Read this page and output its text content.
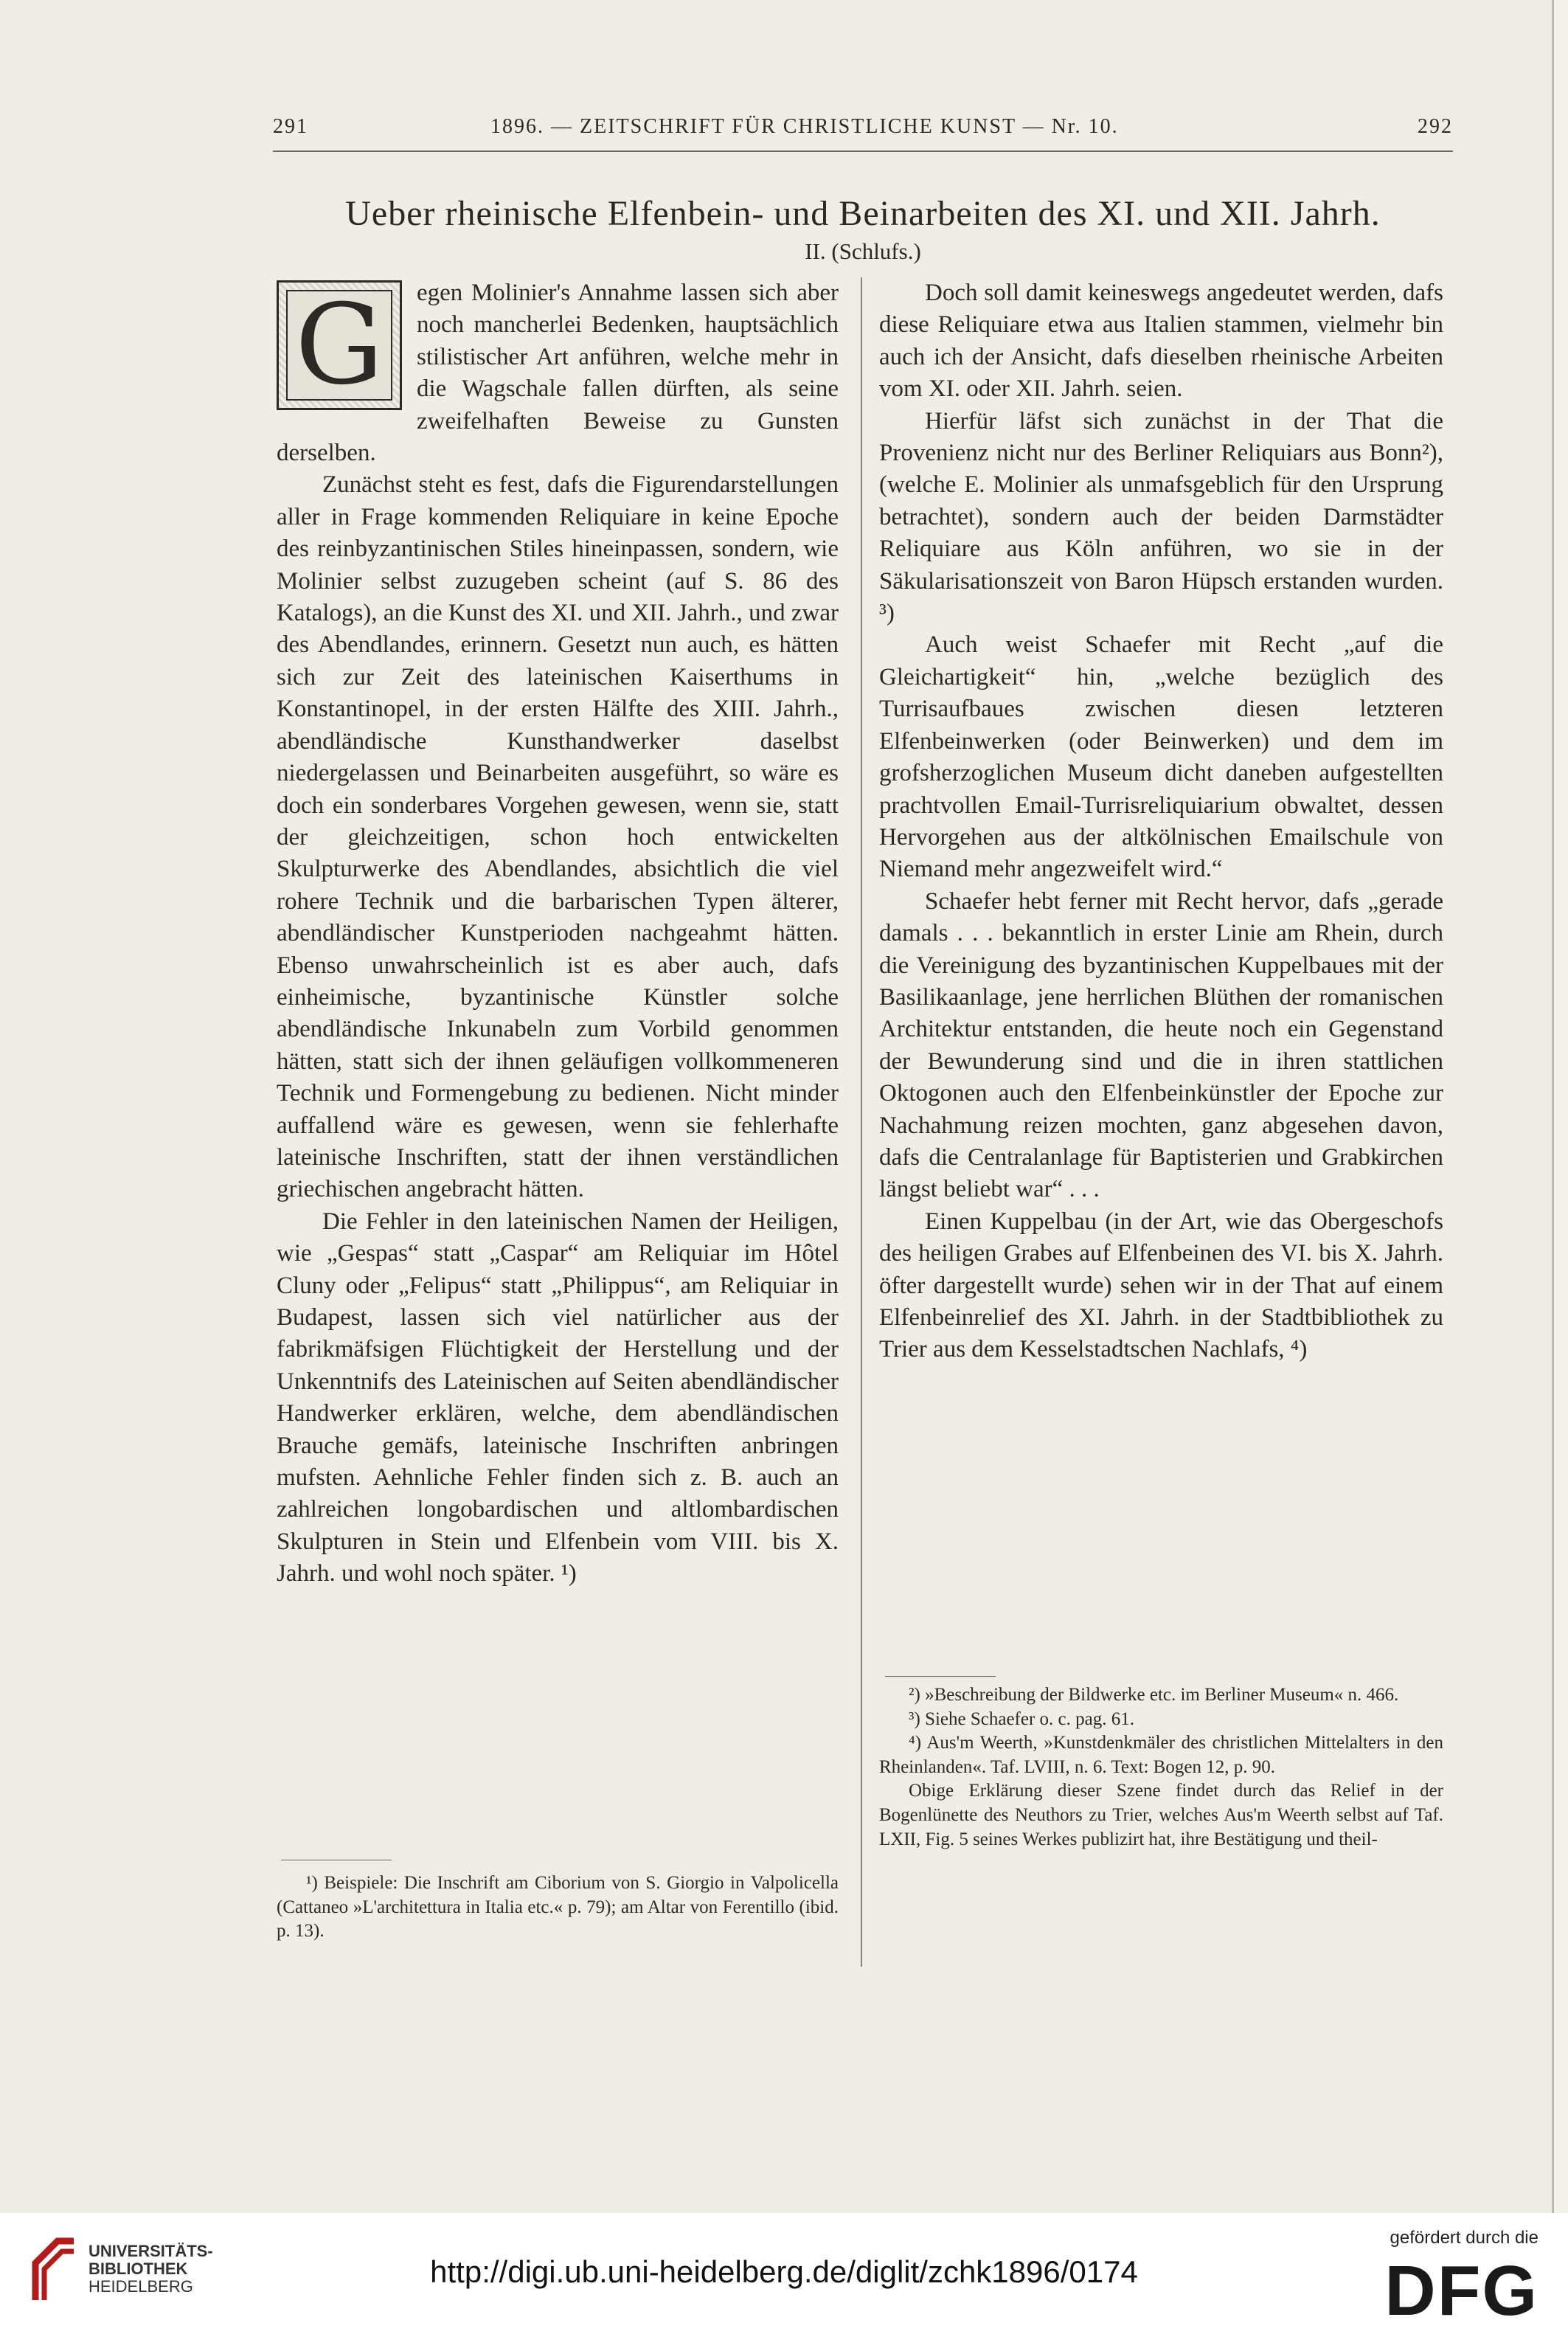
291	1896. — ZEITSCHRIFT FÜR CHRISTLICHE KUNST — Nr. 10.	292
Ueber rheinische Elfenbein- und Beinarbeiten des XI. und XII. Jahrh.
II. (Schlufs.)
G	egen Molinier's Annahme lassen sich aber noch mancherlei Bedenken, hauptsächlich stilistischer Art anführen, welche mehr in die Wagschale fallen dürften, als seine zweifelhaften Beweise zu Gunsten derselben.

Zunächst steht es fest, dafs die Figurendarstellungen aller in Frage kommenden Reliquiare in keine Epoche des reinbyzantinischen Stiles hineinpassen, sondern, wie Molinier selbst zuzugeben scheint (auf S. 86 des Katalogs), an die Kunst des XI. und XII. Jahrh., und zwar des Abendlandes, erinnern. Gesetzt nun auch, es hätten sich zur Zeit des lateinischen Kaiserthums in Konstantinopel, in der ersten Hälfte des XIII. Jahrh., abendländische Kunsthandwerker daselbst niedergelassen und Beinarbeiten ausgeführt, so wäre es doch ein sonderbares Vorgehen gewesen, wenn sie, statt der gleichzeitigen, schon hoch entwickelten Skulpturwerke des Abendlandes, absichtlich die viel rohere Technik und die barbarischen Typen älterer, abendländischer Kunstperioden nachgeahmt hätten. Ebenso unwahrscheinlich ist es aber auch, dafs einheimische, byzantinische Künstler solche abendländische Inkunabeln zum Vorbild genommen hätten, statt sich der ihnen geläufigen vollkommeneren Technik und Formengebung zu bedienen. Nicht minder auffallend wäre es gewesen, wenn sie fehlerhafte lateinische Inschriften, statt der ihnen verständlichen griechischen angebracht hätten.

Die Fehler in den lateinischen Namen der Heiligen, wie „Gespas“ statt „Caspar“ am Reliquiar im Hôtel Cluny oder „Felipus“ statt „Philippus“, am Reliquiar in Budapest, lassen sich viel natürlicher aus der fabrikmäfsigen Flüchtigkeit der Herstellung und der Unkenntnifs des Lateinischen auf Seiten abendländischer Handwerker erklären, welche, dem abendländischen Brauche gemäfs, lateinische Inschriften anbringen mufsten. Aehnliche Fehler finden sich z. B. auch an zahlreichen longobardischen und altlombardischen Skulpturen in Stein und Elfenbein vom VIII. bis X. Jahrh. und wohl noch später. ¹)

Doch soll damit keineswegs angedeutet werden, dafs diese Reliquiare etwa aus Italien stammen, vielmehr bin auch ich der Ansicht, dafs dieselben rheinische Arbeiten vom XI. oder XII. Jahrh. seien.

Hierfür läfst sich zunächst in der That die Provenienz nicht nur des Berliner Reliquiars aus Bonn²), (welche E. Molinier als unmafsgeblich für den Ursprung betrachtet), sondern auch der beiden Darmstädter Reliquiare aus Köln anführen, wo sie in der Säkularisationszeit von Baron Hüpsch erstanden wurden. ³)

Auch weist Schaefer mit Recht „auf die Gleichartigkeit“ hin, „welche bezüglich des Turrisaufbaues zwischen diesen letzteren Elfenbeinwerken (oder Beinwerken) und dem im grofsherzoglichen Museum dicht daneben aufgestellten prachtvollen Email-Turrisreliquiarium obwaltet, dessen Hervorgehen aus der altkölnischen Emailschule von Niemand mehr angezweifelt wird.“

Schaefer hebt ferner mit Recht hervor, dafs „gerade damals . . . bekanntlich in erster Linie am Rhein, durch die Vereinigung des byzantinischen Kuppelbaues mit der Basilikaanlage, jene herrlichen Blüthen der romanischen Architektur entstanden, die heute noch ein Gegenstand der Bewunderung sind und die in ihren stattlichen Oktogonen auch den Elfenbeinkünstler der Epoche zur Nachahmung reizen mochten, ganz abgesehen davon, dafs die Centralanlage für Baptisterien und Grabkirchen längst beliebt war“ . . .

Einen Kuppelbau (in der Art, wie das Obergeschofs des heiligen Grabes auf Elfenbeinen des VI. bis X. Jahrh. öfter dargestellt wurde) sehen wir in der That auf einem Elfenbeinrelief des XI. Jahrh. in der Stadtbibliothek zu Trier aus dem Kesselstadtschen Nachlafs, ⁴)

¹) Beispiele: Die Inschrift am Ciborium von S. Giorgio in Valpolicella (Cattaneo »L'architettura in Italia etc.« p. 79); am Altar von Ferentillo (ibid. p. 13).

²) »Beschreibung der Bildwerke etc. im Berliner Museum« n. 466.

³) Siehe Schaefer o. c. pag. 61.

⁴) Aus'm Weerth, »Kunstdenkmäler des christlichen Mittelalters in den Rheinlanden«. Taf. LVIII, n. 6. Text: Bogen 12, p. 90.

Obige Erklärung dieser Szene findet durch das Relief in der Bogenlünette des Neuthors zu Trier, welches Aus'm Weerth selbst auf Taf. LXII, Fig. 5 seines Werkes publizirt hat, ihre Bestätigung und theil-

UNIVERSITÄTS-
BIBLIOTHEK
HEIDELBERG	http://digi.ub.uni-heidelberg.de/diglit/zchk1896/0174
gefördert durch die
DFG
